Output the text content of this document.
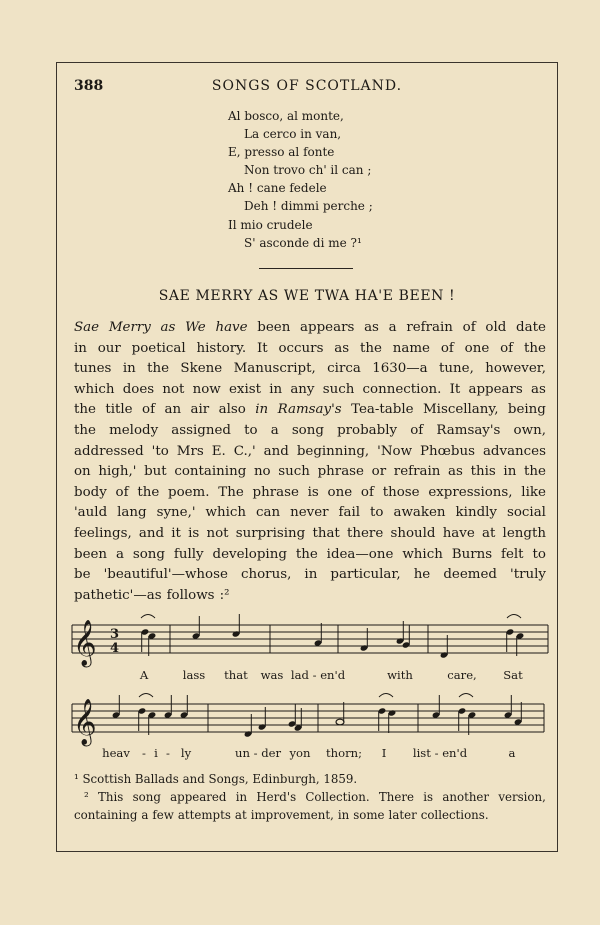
388	SONGS OF SCOTLAND.
Al bosco, al monte,
La cerco in van,
E, presso al fonte
Non trovo ch' il can ;
Ah ! cane fedele
Deh ! dimmi perche ;
Il mio crudele
S' asconde di me ?¹
SAE MERRY AS WE TWA HA'E BEEN !
Sae Merry as We have been appears as a refrain of old date
in our poetical history. It occurs as the name of one of the
tunes in the Skene Manuscript, circa 1630—a tune, however,
which does not now exist in any such connection. It appears as
the title of an air also in Ramsay's Tea-table Miscellany, being
the melody assigned to a song probably of Ramsay's own,
addressed 'to Mrs E. C.,' and beginning, 'Now Phœbus advances
on high,' but containing no such phrase or refrain as this in the
body of the poem. The phrase is one of those expressions, like
'auld lang syne,' which can never fail to awaken kindly social
feelings, and it is not surprising that there should have at length
been a song fully developing the idea—one which Burns felt to
be 'beautiful'—whose chorus, in particular, he deemed 'truly
pathetic'—as follows :²
𝄞 3
4
𝄞
A	lass that was lad - en'd	with	care, Sat
heav - i - ly	un - der yon thorn; I list - en'd	a
¹ Scottish Ballads and Songs, Edinburgh, 1859.
² This song appeared in Herd's Collection. There is another version,
containing a few attempts at improvement, in some later collections.
